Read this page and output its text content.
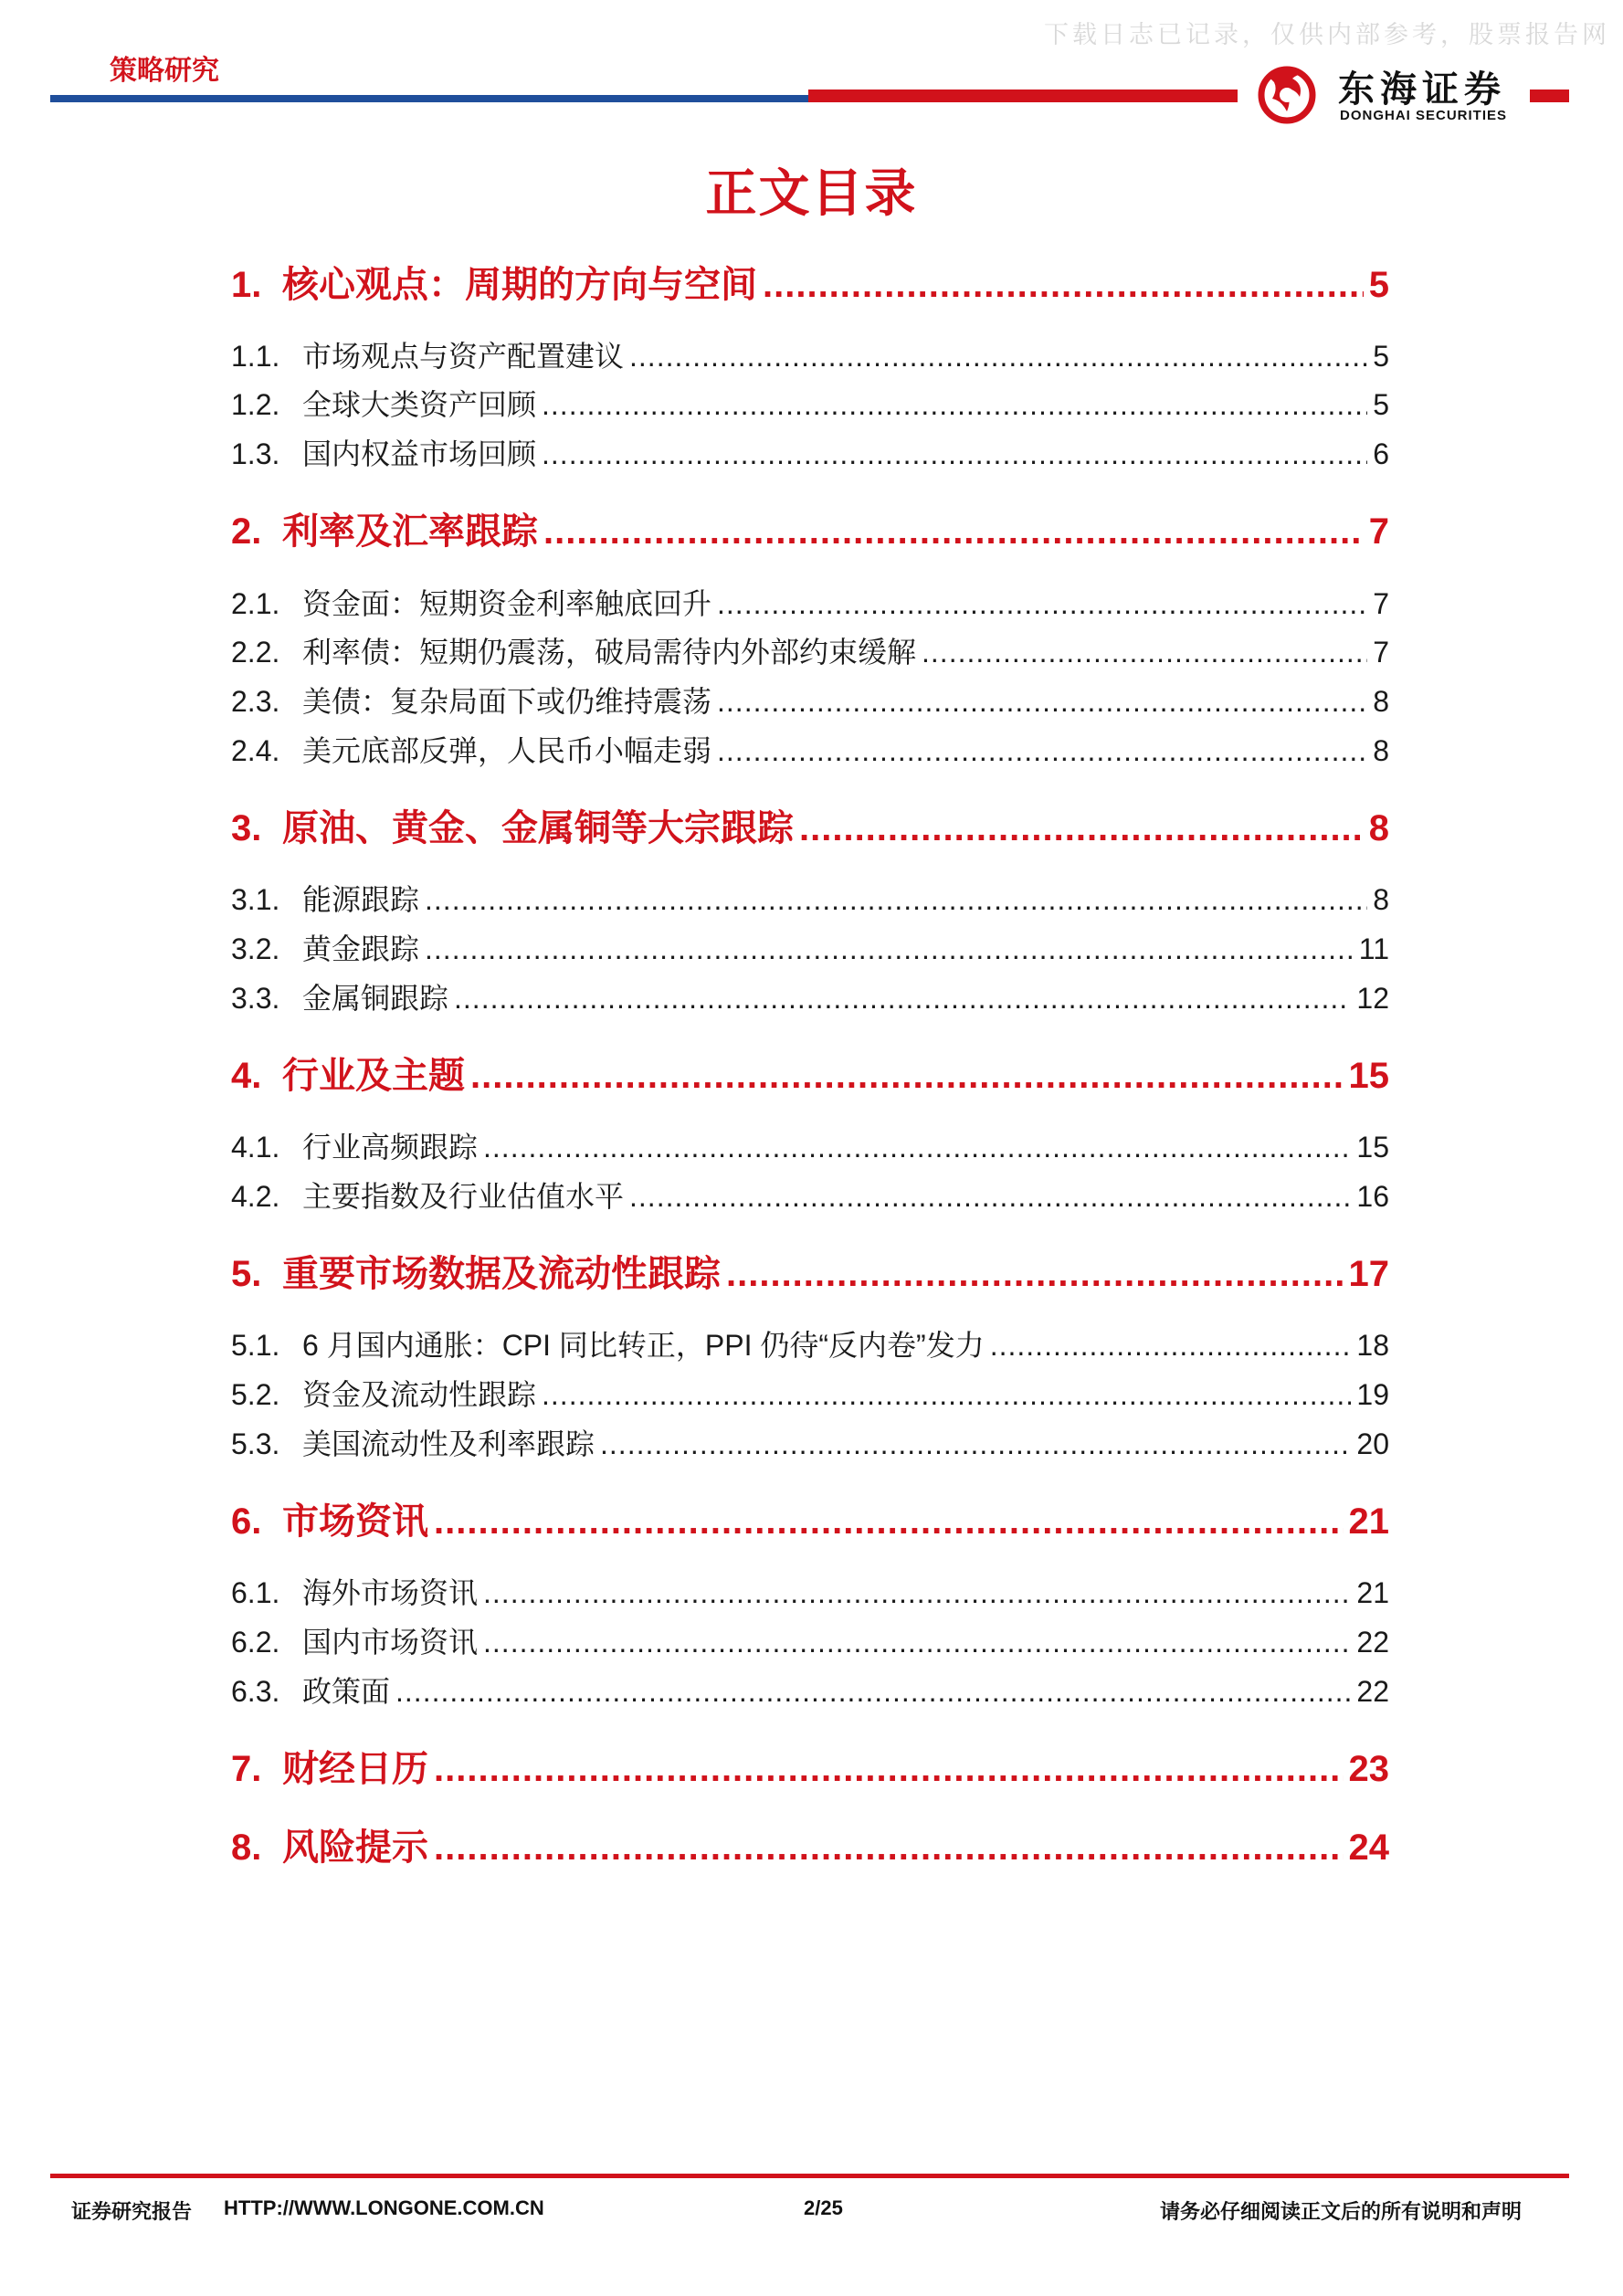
下载日志已记录，仅供内部参考，股票报告网
策略研究	东海证券
DONGHAI SECURITIES
正文目录
1. 核心观点：周期的方向与空间 .....	5
1.1. 市场观点与资产配置建议 .....	5
1.2. 全球大类资产回顾 .....	5
1.3. 国内权益市场回顾 .....	6
2. 利率及汇率跟踪 .....	7
2.1. 资金面：短期资金利率触底回升 .....	7
2.2. 利率债：短期仍震荡，破局需待内外部约束缓解 .....	7
2.3. 美债：复杂局面下或仍维持震荡 .....	8
2.4. 美元底部反弹，人民币小幅走弱 .....	8
3. 原油、黄金、金属铜等大宗跟踪 .....	8
3.1. 能源跟踪 .....	8
3.2. 黄金跟踪 .....	11
3.3. 金属铜跟踪 .....	12
4. 行业及主题 .....	15
4.1. 行业高频跟踪 .....	15
4.2. 主要指数及行业估值水平 .....	16
5. 重要市场数据及流动性跟踪 .....	17
5.1. 6 月国内通胀：CPI 同比转正，PPI 仍待“反内卷”发力 .....	18
5.2. 资金及流动性跟踪 .....	19
5.3. 美国流动性及利率跟踪 .....	20
6. 市场资讯 .....	21
6.1. 海外市场资讯 .....	21
6.2. 国内市场资讯 .....	22
6.3. 政策面 .....	22
7. 财经日历 .....	23
8. 风险提示 .....	24
证券研究报告 HTTP://WWW.LONGONE.COM.CN	2/25	请务必仔细阅读正文后的所有说明和声明
